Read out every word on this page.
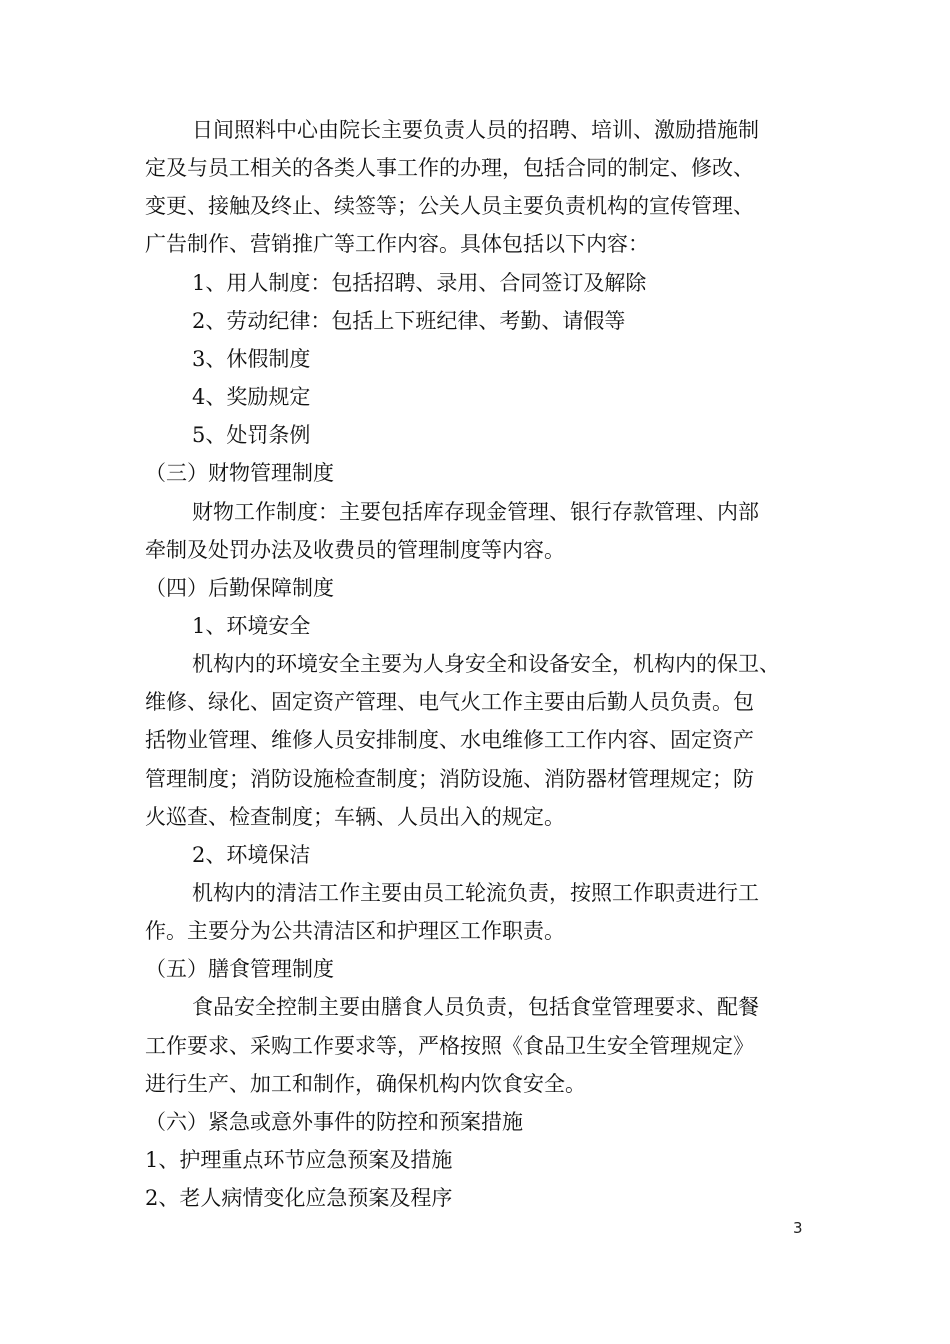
日间照料中心由院长主要负责人员的招聘、培训、激励措施制
定及与员工相关的各类人事工作的办理，包括合同的制定、修改、
变更、接触及终止、续签等；公关人员主要负责机构的宣传管理、
广告制作、营销推广等工作内容。具体包括以下内容：
1、用人制度：包括招聘、录用、合同签订及解除
2、劳动纪律：包括上下班纪律、考勤、请假等
3、休假制度
4、奖励规定
5、处罚条例
（三）财物管理制度
财物工作制度：主要包括库存现金管理、银行存款管理、内部
牵制及处罚办法及收费员的管理制度等内容。
（四）后勤保障制度
1、环境安全
机构内的环境安全主要为人身安全和设备安全，机构内的保卫、
维修、绿化、固定资产管理、电气火工作主要由后勤人员负责。包
括物业管理、维修人员安排制度、水电维修工工作内容、固定资产
管理制度；消防设施检查制度；消防设施、消防器材管理规定；防
火巡查、检查制度；车辆、人员出入的规定。
2、环境保洁
机构内的清洁工作主要由员工轮流负责，按照工作职责进行工
作。主要分为公共清洁区和护理区工作职责。
（五）膳食管理制度
食品安全控制主要由膳食人员负责，包括食堂管理要求、配餐
工作要求、采购工作要求等，严格按照《食品卫生安全管理规定》
进行生产、加工和制作，确保机构内饮食安全。
（六）紧急或意外事件的防控和预案措施
1、护理重点环节应急预案及措施
2、老人病情变化应急预案及程序
3
